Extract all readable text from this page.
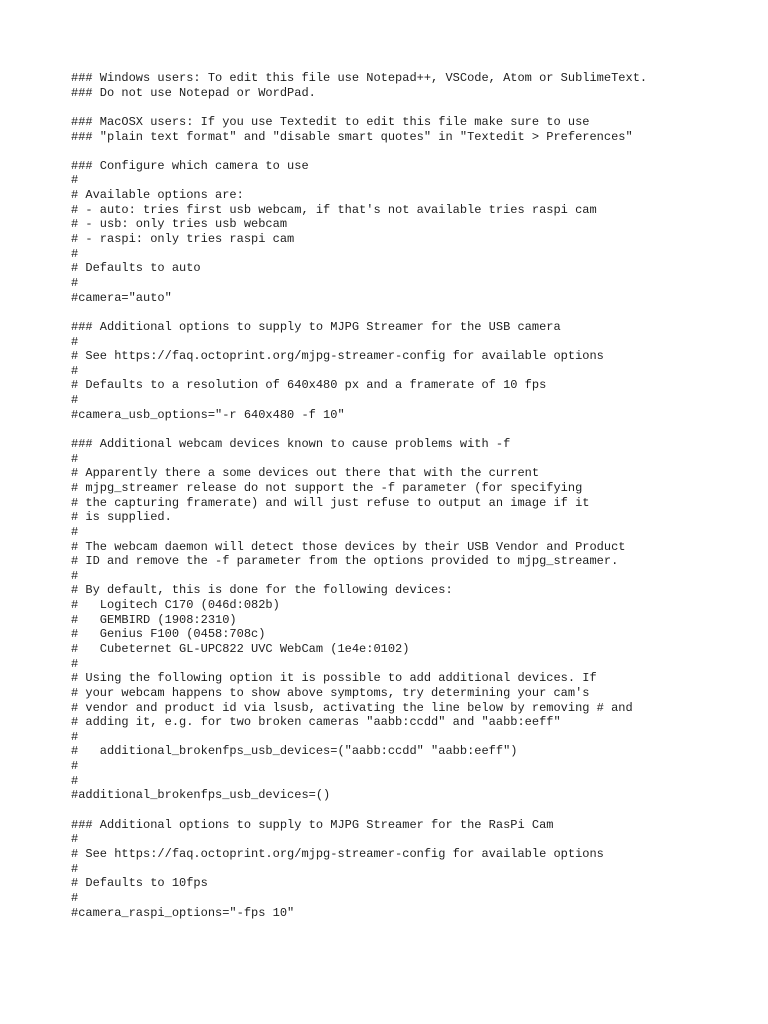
### Windows users: To edit this file use Notepad++, VSCode, Atom or SublimeText.
### Do not use Notepad or WordPad.
### MacOSX users: If you use Textedit to edit this file make sure to use
### "plain text format" and "disable smart quotes" in "Textedit > Preferences"
### Configure which camera to use
#
# Available options are:
# - auto: tries first usb webcam, if that's not available tries raspi cam
# - usb: only tries usb webcam
# - raspi: only tries raspi cam
#
# Defaults to auto
#
#camera="auto"
### Additional options to supply to MJPG Streamer for the USB camera
#
# See https://faq.octoprint.org/mjpg-streamer-config for available options
#
# Defaults to a resolution of 640x480 px and a framerate of 10 fps
#
#camera_usb_options="-r 640x480 -f 10"
### Additional webcam devices known to cause problems with -f
#
# Apparently there a some devices out there that with the current
# mjpg_streamer release do not support the -f parameter (for specifying
# the capturing framerate) and will just refuse to output an image if it
# is supplied.
#
# The webcam daemon will detect those devices by their USB Vendor and Product
# ID and remove the -f parameter from the options provided to mjpg_streamer.
#
# By default, this is done for the following devices:
#   Logitech C170 (046d:082b)
#   GEMBIRD (1908:2310)
#   Genius F100 (0458:708c)
#   Cubeternet GL-UPC822 UVC WebCam (1e4e:0102)
#
# Using the following option it is possible to add additional devices. If
# your webcam happens to show above symptoms, try determining your cam's
# vendor and product id via lsusb, activating the line below by removing # and
# adding it, e.g. for two broken cameras "aabb:ccdd" and "aabb:eeff"
#
#   additional_brokenfps_usb_devices=("aabb:ccdd" "aabb:eeff")
#
#
#additional_brokenfps_usb_devices=()
### Additional options to supply to MJPG Streamer for the RasPi Cam
#
# See https://faq.octoprint.org/mjpg-streamer-config for available options
#
# Defaults to 10fps
#
#camera_raspi_options="-fps 10"
